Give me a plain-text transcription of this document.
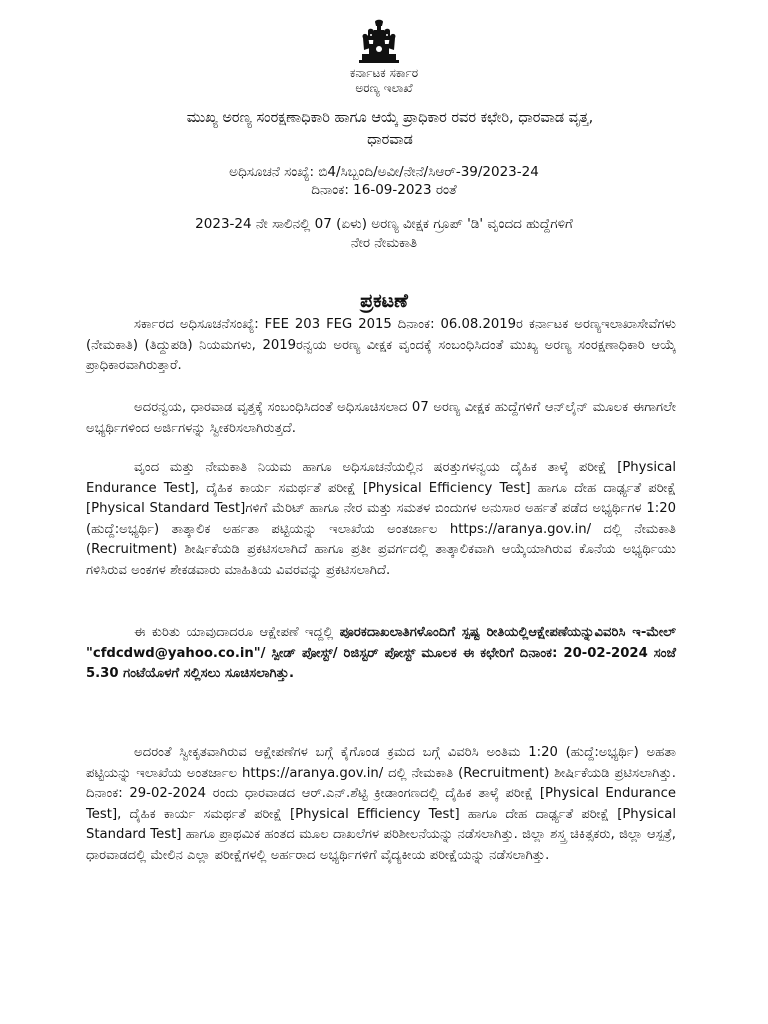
ಕರ್ನಾಟಕ ಸರ್ಕಾರ
ಅರಣ್ಯ ಇಲಾಖೆ
ಮುಖ್ಯ ಅರಣ್ಯ ಸಂರಕ್ಷಣಾಧಿಕಾರಿ ಹಾಗೂ ಆಯ್ಕೆ ಪ್ರಾಧಿಕಾರ ರವರ ಕಛೇರಿ, ಧಾರವಾಡ ವೃತ್ತ,
ಧಾರವಾಡ
ಅಧಿಸೂಚನೆ ಸಂಖ್ಯೆ: ಬಿ4/ಸಿಬ್ಬಂದಿ/ಅವೀ/ನೇನೆ/ಸಿಆರ್-39/2023-24
ದಿನಾಂಕ: 16-09-2023 ರಂತೆ
2023-24 ನೇ ಸಾಲಿನಲ್ಲಿ 07 (ಏಳು) ಅರಣ್ಯ ವೀಕ್ಷಕ ಗ್ರೂಪ್ 'ಡಿ' ವೃಂದದ ಹುದ್ದೆಗಳಿಗೆ
ನೇರ ನೇಮಕಾತಿ
ಪ್ರಕಟಣೆ

ಸರ್ಕಾರದ ಅಧಿಸೂಚನೆಸಂಖ್ಯೆ: FEE 203 FEG 2015 ದಿನಾಂಕ: 06.08.2019ರ ಕರ್ನಾಟಕ ಅರಣ್ಯಇಲಾಖಾಸೇವೆಗಳು (ನೇಮಕಾತಿ) (ತಿದ್ದುಪಡಿ) ನಿಯಮಗಳು, 2019ರನ್ವಯ ಅರಣ್ಯ ವೀಕ್ಷಕ ವೃಂದಕ್ಕೆ ಸಂಬಂಧಿಸಿದಂತೆ ಮುಖ್ಯ ಅರಣ್ಯ ಸಂರಕ್ಷಣಾಧಿಕಾರಿ ಆಯ್ಕೆ ಪ್ರಾಧಿಕಾರವಾಗಿರುತ್ತಾರೆ.

ಅದರನ್ವಯ, ಧಾರವಾಡ ವೃತ್ತಕ್ಕೆ ಸಂಬಂಧಿಸಿದಂತೆ ಅಧಿಸೂಚಿಸಲಾದ 07 ಅರಣ್ಯ ವೀಕ್ಷಕ ಹುದ್ದೆಗಳಿಗೆ ಆನ್‌ಲೈನ್ ಮೂಲಕ ಈಗಾಗಲೇ ಅಭ್ಯರ್ಥಿಗಳಿಂದ ಅರ್ಜಿಗಳನ್ನು ಸ್ವೀಕರಿಸಲಾಗಿರುತ್ತದೆ.

ವೃಂದ ಮತ್ತು ನೇಮಕಾತಿ ನಿಯಮ ಹಾಗೂ ಅಧಿಸೂಚನೆಯಲ್ಲಿನ ಷರತ್ತುಗಳನ್ವಯ ದೈಹಿಕ ತಾಳ್ಕೆ ಪರೀಕ್ಷೆ [Physical Endurance Test], ದೈಹಿಕ ಕಾರ್ಯ ಸಮರ್ಥತೆ ಪರೀಕ್ಷೆ [Physical Efficiency Test] ಹಾಗೂ ದೇಹ ದಾರ್ಢ್ಯತೆ ಪರೀಕ್ಷೆ [Physical Standard Test]ಗಳಿಗೆ ಮೆರಿಟ್ ಹಾಗೂ ನೇರ ಮತ್ತು ಸಮತಳ ಬಿಂದುಗಳ ಅನುಸಾರ ಅರ್ಹತೆ ಪಡೆದ ಅಭ್ಯರ್ಥಿಗಳ 1:20 (ಹುದ್ದೆ:ಅಭ್ಯರ್ಥಿ) ತಾತ್ಕಾಲಿಕ ಅರ್ಹತಾ ಪಟ್ಟಿಯನ್ನು ಇಲಾಖೆಯ ಅಂತರ್ಜಾಲ https://aranya.gov.in/ ದಲ್ಲಿ ನೇಮಕಾತಿ (Recruitment) ಶೀರ್ಷಿಕೆಯಡಿ ಪ್ರಕಟಿಸಲಾಗಿದೆ ಹಾಗೂ ಪ್ರತೀ ಪ್ರವರ್ಗದಲ್ಲಿ ತಾತ್ಕಾಲಿಕವಾಗಿ ಆಯ್ಕೆಯಾಗಿರುವ ಕೊನೆಯ ಅಭ್ಯರ್ಥಿಯು ಗಳಿಸಿರುವ ಅಂಕಗಳ ಶೇಕಡವಾರು ಮಾಹಿತಿಯ ವಿವರವನ್ನು ಪ್ರಕಟಿಸಲಾಗಿದೆ.

ಈ ಕುರಿತು ಯಾವುದಾದರೂ ಆಕ್ಷೇಪಣೆ ಇದ್ದಲ್ಲಿ ಪೂರಕದಾಖಲಾತಿಗಳೊಂದಿಗೆ ಸ್ಪಷ್ಟ ರೀತಿಯಲ್ಲಿಆಕ್ಷೇಪಣೆಯನ್ನುವಿವರಿಸಿ ಇ-ಮೇಲ್ "cfdcdwd@yahoo.co.in"/ ಸ್ಪೀಡ್ ಪೋಸ್ಟ್/ ರಿಜಿಸ್ಟರ್ ಪೋಸ್ಟ್ ಮೂಲಕ ಈ ಕಛೇರಿಗೆ ದಿನಾಂಕ: 20-02-2024 ಸಂಜೆ 5.30 ಗಂಟೆಯೊಳಗೆ ಸಲ್ಲಿಸಲು ಸೂಚಿಸಲಾಗಿತ್ತು.

ಅದರಂತೆ ಸ್ವೀಕೃತವಾಗಿರುವ ಆಕ್ಷೇಪಣೆಗಳ ಬಗ್ಗೆ ಕೈಗೊಂಡ ಕ್ರಮದ ಬಗ್ಗೆ ವಿವರಿಸಿ ಅಂತಿಮ 1:20 (ಹುದ್ದೆ:ಅಭ್ಯರ್ಥಿ) ಅಹತಾ ಪಟ್ಟಿಯನ್ನು ಇಲಾಖೆಯ ಅಂತರ್ಜಾಲ https://aranya.gov.in/ ದಲ್ಲಿ ನೇಮಕಾತಿ (Recruitment) ಶೀರ್ಷಿಕೆಯಡಿ ಪ್ರಟಿಸಲಾಗಿತ್ತು. ದಿನಾಂಕ: 29-02-2024 ರಂದು ಧಾರವಾಡದ ಆರ್.ಎನ್.ಶೆಟ್ಟಿ ಕ್ರೀಡಾಂಗಣದಲ್ಲಿ ದೈಹಿಕ ತಾಳ್ಕೆ ಪರೀಕ್ಷೆ [Physical Endurance Test], ದೈಹಿಕ ಕಾರ್ಯ ಸಮರ್ಥತೆ ಪರೀಕ್ಷೆ [Physical Efficiency Test] ಹಾಗೂ ದೇಹ ದಾರ್ಢ್ಯತೆ ಪರೀಕ್ಷೆ [Physical Standard Test] ಹಾಗೂ ಪ್ರಾಥಮಿಕ ಹಂತದ ಮೂಲ ದಾಖಲೆಗಳ ಪರಿಶೀಲನೆಯನ್ನು ನಡೆಸಲಾಗಿತ್ತು. ಜಿಲ್ಲಾ ಶಸ್ತ್ರ ಚಿಕಿತ್ಸಕರು, ಜಿಲ್ಲಾ ಆಸ್ಪತ್ರೆ, ಧಾರವಾಡದಲ್ಲಿ ಮೇಲಿನ ಎಲ್ಲಾ ಪರೀಕ್ಷೆಗಳಲ್ಲಿ ಅರ್ಹರಾದ ಅಭ್ಯರ್ಥಿಗಳಿಗೆ ವೈದ್ಯಕೀಯ ಪರೀಕ್ಷೆಯನ್ನು ನಡೆಸಲಾಗಿತ್ತು.
